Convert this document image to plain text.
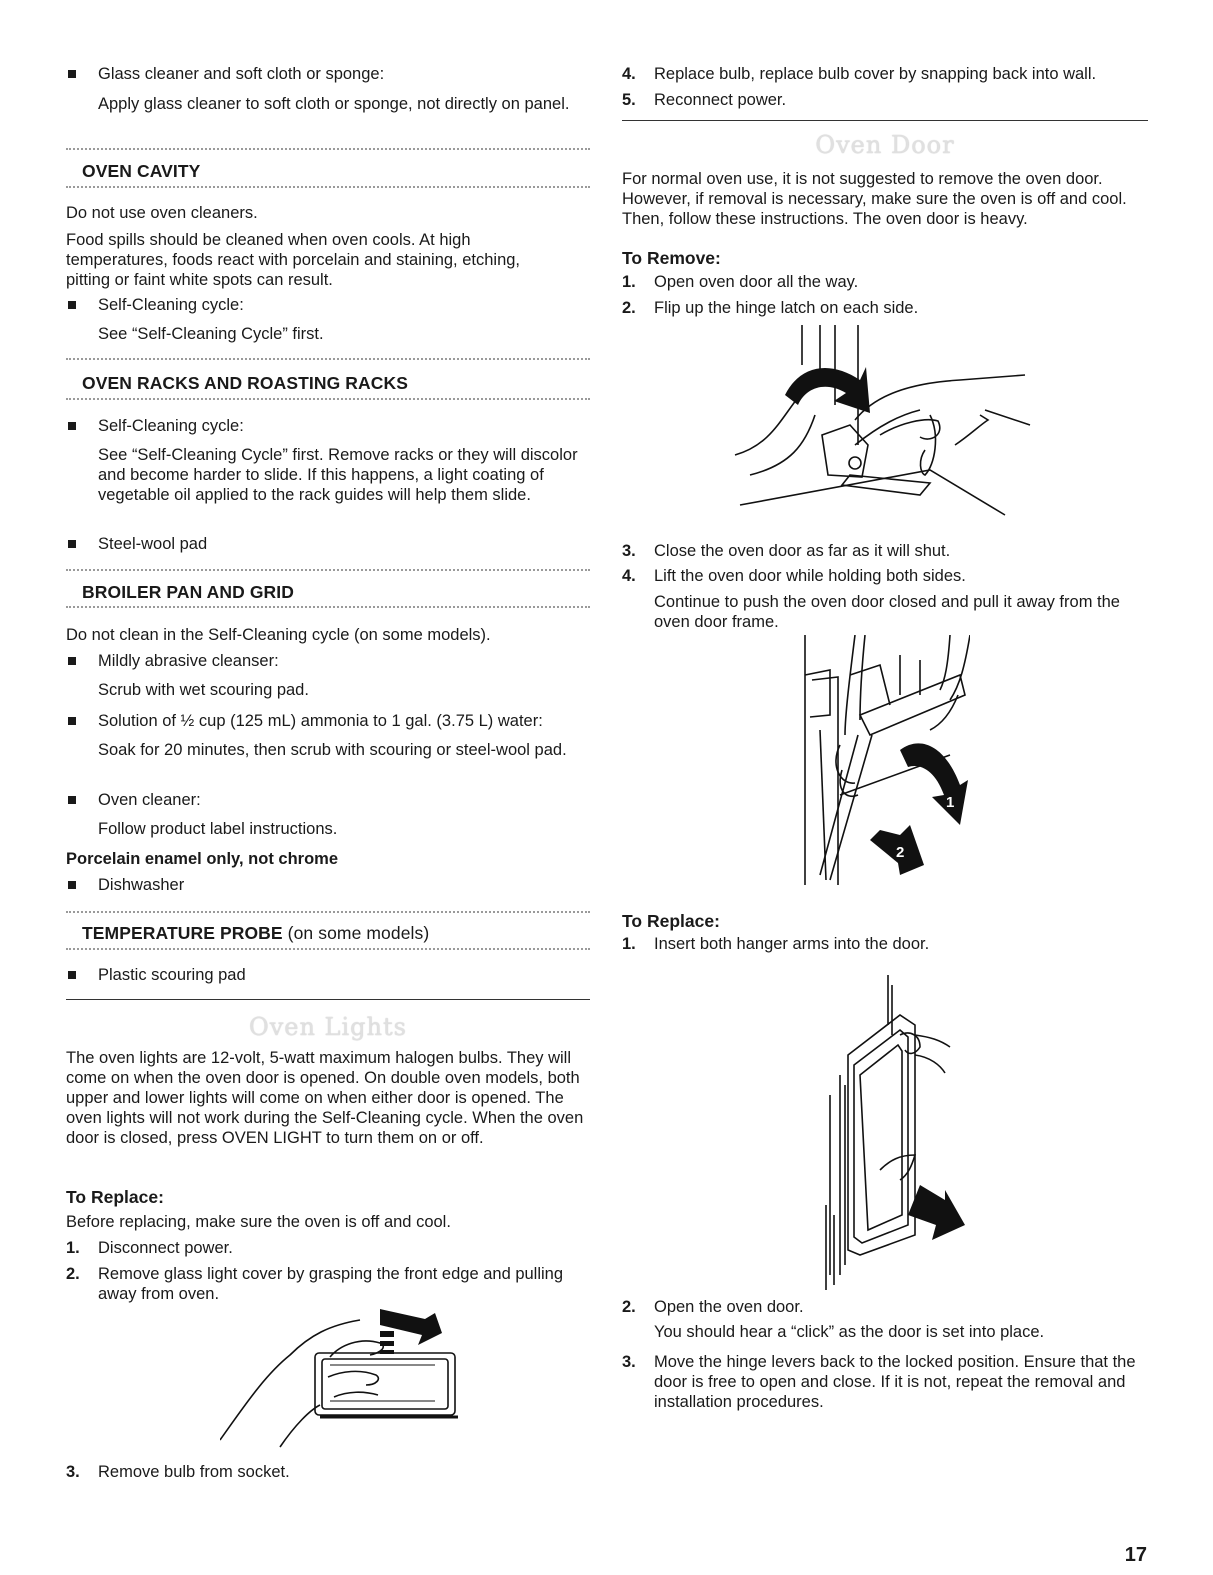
Glass cleaner and soft cloth or sponge:
Apply glass cleaner to soft cloth or sponge, not directly on panel.
OVEN CAVITY
Do not use oven cleaners.
Food spills should be cleaned when oven cools. At high temperatures, foods react with porcelain and staining, etching, pitting or faint white spots can result.
Self-Cleaning cycle:
See “Self-Cleaning Cycle” first.
OVEN RACKS AND ROASTING RACKS
Self-Cleaning cycle:
See “Self-Cleaning Cycle” first. Remove racks or they will discolor and become harder to slide. If this happens, a light coating of vegetable oil applied to the rack guides will help them slide.
Steel-wool pad
BROILER PAN AND GRID
Do not clean in the Self-Cleaning cycle (on some models).
Mildly abrasive cleanser:
Scrub with wet scouring pad.
Solution of ½ cup (125 mL) ammonia to 1 gal. (3.75 L) water:
Soak for 20 minutes, then scrub with scouring or steel-wool pad.
Oven cleaner:
Follow product label instructions.
Porcelain enamel only, not chrome
Dishwasher
TEMPERATURE PROBE (on some models)
Plastic scouring pad
Oven Lights
The oven lights are 12-volt, 5-watt maximum halogen bulbs. They will come on when the oven door is opened. On double oven models, both upper and lower lights will come on when either door is opened. The oven lights will not work during the Self-Cleaning cycle. When the oven door is closed, press OVEN LIGHT to turn them on or off.
To Replace:
Before replacing, make sure the oven is off and cool.
1. Disconnect power.
2. Remove glass light cover by grasping the front edge and pulling away from oven.
3. Remove bulb from socket.
4. Replace bulb, replace bulb cover by snapping back into wall.
5. Reconnect power.
Oven Door
For normal oven use, it is not suggested to remove the oven door. However, if removal is necessary, make sure the oven is off and cool. Then, follow these instructions. The oven door is heavy.
To Remove:
1. Open oven door all the way.
2. Flip up the hinge latch on each side.
3. Close the oven door as far as it will shut.
4. Lift the oven door while holding both sides.
Continue to push the oven door closed and pull it away from the oven door frame.
To Replace:
1. Insert both hanger arms into the door.
2. Open the oven door.
You should hear a “click” as the door is set into place.
3. Move the hinge levers back to the locked position. Ensure that the door is free to open and close. If it is not, repeat the removal and installation procedures.
1
2
17
